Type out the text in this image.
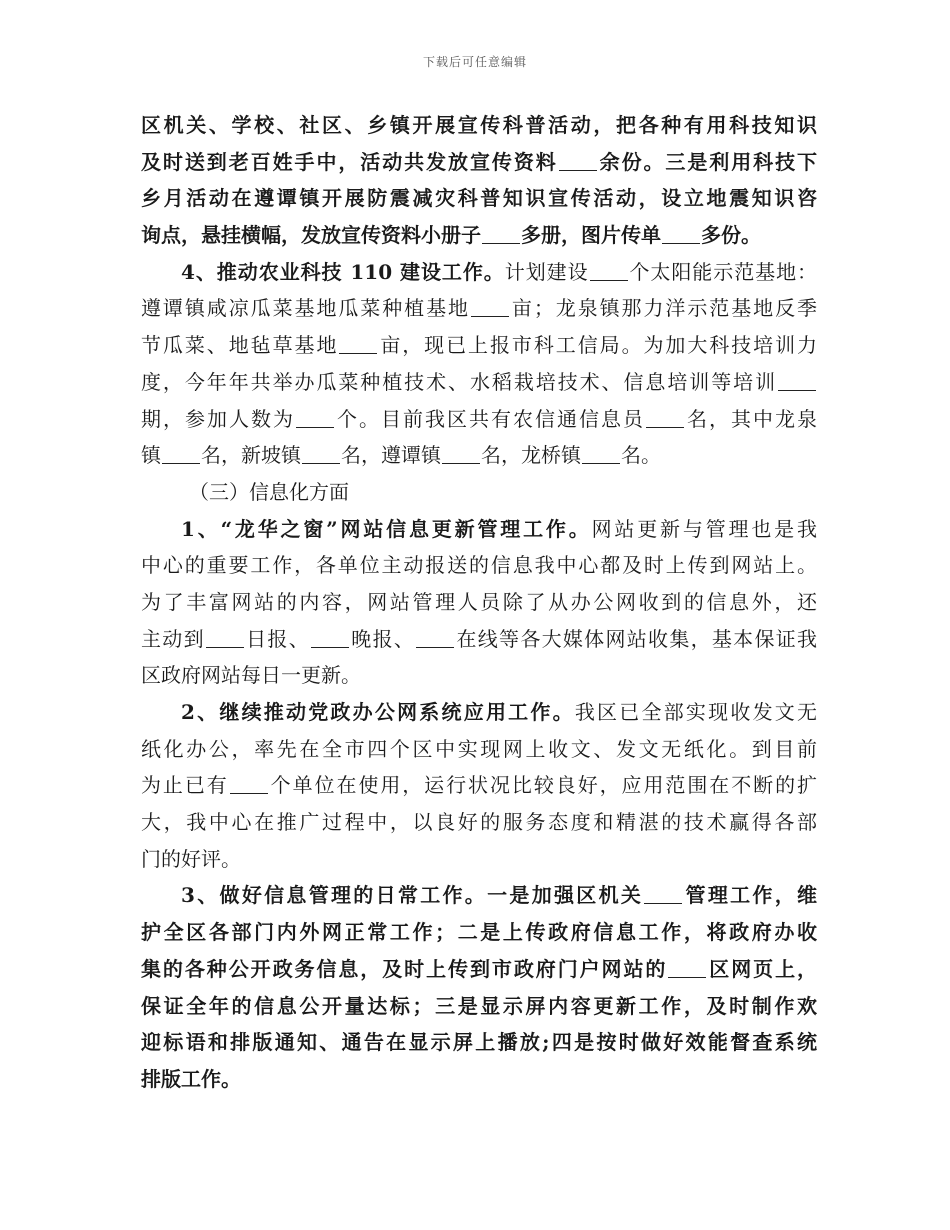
下载后可任意编辑
区机关、学校、社区、乡镇开展宣传科普活动，把各种有用科技知识
及时送到老百姓手中，活动共发放宣传资料 余份。三是利用科技下
乡月活动在遵谭镇开展防震减灾科普知识宣传活动，设立地震知识咨
询点，悬挂横幅，发放宣传资料小册子 多册，图片传单 多份。
4、推动农业科技 110 建设工作。计划建设 个太阳能示范基地：
遵谭镇咸凉瓜菜基地瓜菜种植基地 亩；龙泉镇那力洋示范基地反季
节瓜菜、地毡草基地 亩，现已上报市科工信局。为加大科技培训力
度，今年年共举办瓜菜种植技术、水稻栽培技术、信息培训等培训
期，参加人数为 个。目前我区共有农信通信息员 名，其中龙泉
镇 名，新坡镇 名，遵谭镇 名，龙桥镇 名。
（三）信息化方面
1、“龙华之窗”网站信息更新管理工作。网站更新与管理也是我
中心的重要工作，各单位主动报送的信息我中心都及时上传到网站上。
为了丰富网站的内容，网站管理人员除了从办公网收到的信息外，还
主动到 日报、 晚报、 在线等各大媒体网站收集，基本保证我
区政府网站每日一更新。
2、继续推动党政办公网系统应用工作。我区已全部实现收发文无
纸化办公，率先在全市四个区中实现网上收文、发文无纸化。到目前
为止已有 个单位在使用，运行状况比较良好，应用范围在不断的扩
大，我中心在推广过程中，以良好的服务态度和精湛的技术赢得各部
门的好评。
3、做好信息管理的日常工作。一是加强区机关 管理工作，维
护全区各部门内外网正常工作；二是上传政府信息工作，将政府办收
集的各种公开政务信息，及时上传到市政府门户网站的 区网页上，
保证全年的信息公开量达标；三是显示屏内容更新工作，及时制作欢
迎标语和排版通知、通告在显示屏上播放;四是按时做好效能督查系统
排版工作。
